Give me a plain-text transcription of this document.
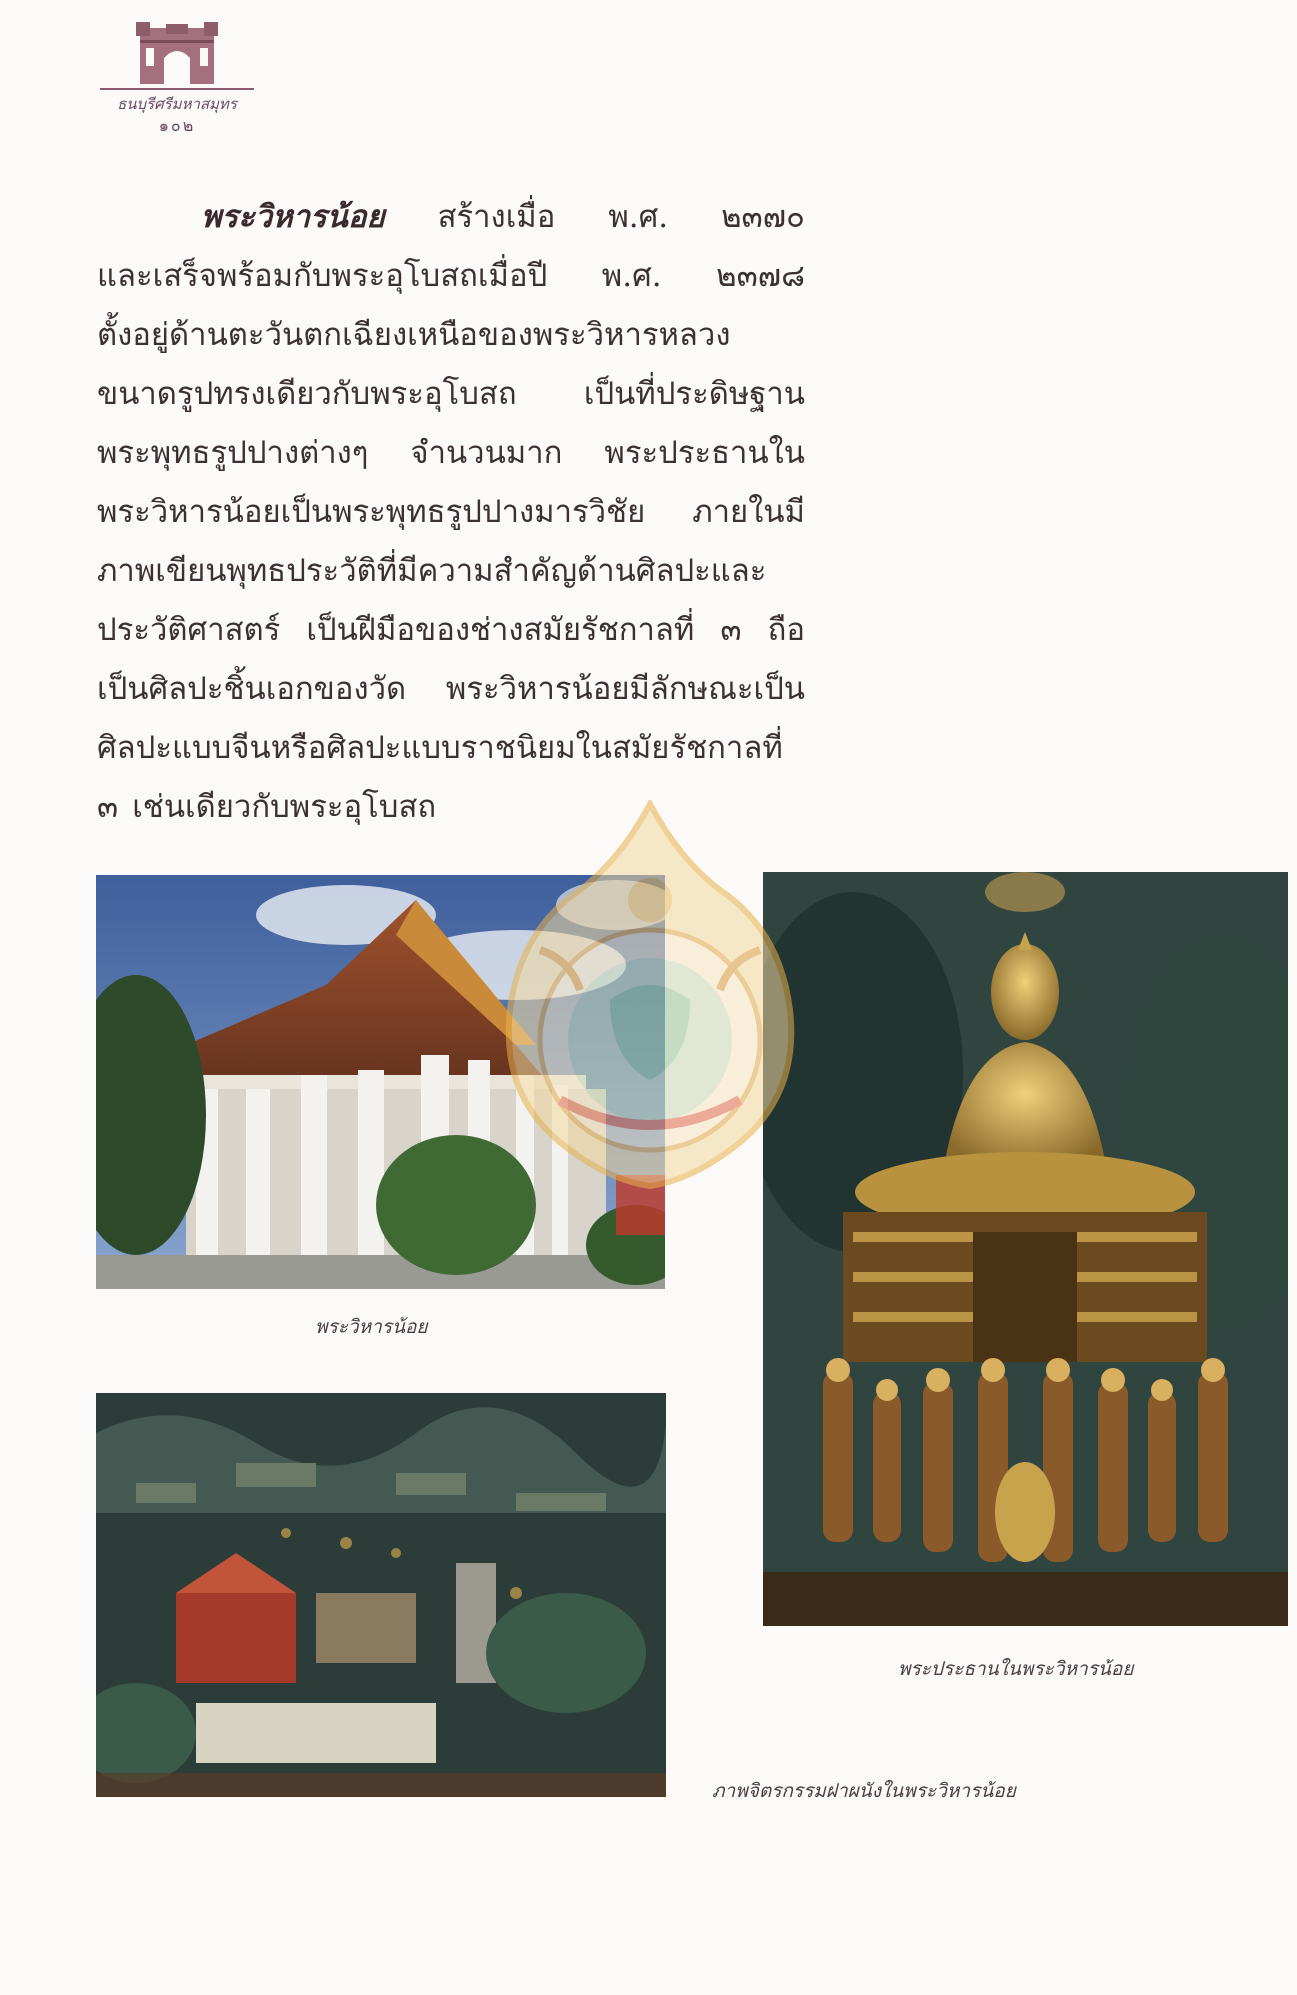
ธนบุรีศรีมหาสมุทร
๑๐๒
พระวิหารน้อย สร้างเมื่อ พ.ศ. ๒๓๗๐
และเสร็จพร้อมกับพระอุโบสถเมื่อปี พ.ศ. ๒๓๗๘
ตั้งอยู่ด้านตะวันตกเฉียงเหนือของพระวิหารหลวง
ขนาดรูปทรงเดียวกับพระอุโบสถ เป็นที่ประดิษฐาน
พระพุทธรูปปางต่างๆ จำนวนมาก พระประธานใน
พระวิหารน้อยเป็นพระพุทธรูปปางมารวิชัย ภายในมี
ภาพเขียนพุทธประวัติที่มีความสำคัญด้านศิลปะและ
ประวัติศาสตร์ เป็นฝีมือของช่างสมัยรัชกาลที่ ๓ ถือ
เป็นศิลปะชิ้นเอกของวัด พระวิหารน้อยมีลักษณะเป็น
ศิลปะแบบจีนหรือศิลปะแบบราชนิยมในสมัยรัชกาลที่
๓ เช่นเดียวกับพระอุโบสถ
พระวิหารน้อย
พระประธานในพระวิหารน้อย
ภาพจิตรกรรมฝาผนังในพระวิหารน้อย
